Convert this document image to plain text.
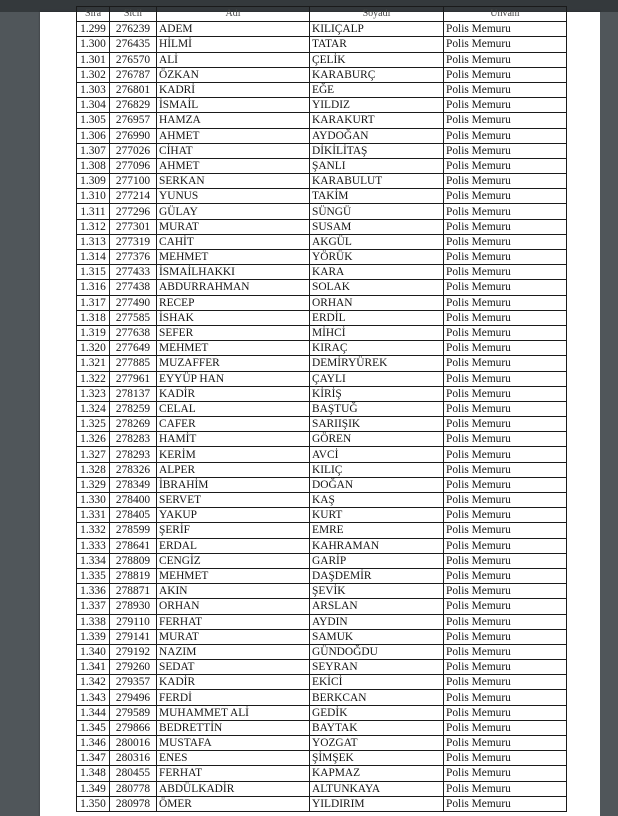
Sıra	Sicil	Adı	Soyadı	Unvanı
1.299	276239	ADEM	KILIÇALP	Polis Memuru
1.300	276435	HİLMİ	TATAR	Polis Memuru
1.301	276570	ALİ	ÇELİK	Polis Memuru
1.302	276787	ÖZKAN	KARABURÇ	Polis Memuru
1.303	276801	KADRİ	EĞE	Polis Memuru
1.304	276829	İSMAİL	YILDIZ	Polis Memuru
1.305	276957	HAMZA	KARAKURT	Polis Memuru
1.306	276990	AHMET	AYDOĞAN	Polis Memuru
1.307	277026	CİHAT	DİKİLİTAŞ	Polis Memuru
1.308	277096	AHMET	ŞANLI	Polis Memuru
1.309	277100	SERKAN	KARABULUT	Polis Memuru
1.310	277214	YUNUS	TAKİM	Polis Memuru
1.311	277296	GÜLAY	SÜNGÜ	Polis Memuru
1.312	277301	MURAT	SUSAM	Polis Memuru
1.313	277319	CAHİT	AKGÜL	Polis Memuru
1.314	277376	MEHMET	YÖRÜK	Polis Memuru
1.315	277433	İSMAİLHAKKI	KARA	Polis Memuru
1.316	277438	ABDURRAHMAN	SOLAK	Polis Memuru
1.317	277490	RECEP	ORHAN	Polis Memuru
1.318	277585	İSHAK	ERDİL	Polis Memuru
1.319	277638	SEFER	MİHCİ	Polis Memuru
1.320	277649	MEHMET	KIRAÇ	Polis Memuru
1.321	277885	MUZAFFER	DEMİRYÜREK	Polis Memuru
1.322	277961	EYYÜP HAN	ÇAYLI	Polis Memuru
1.323	278137	KADİR	KİRİŞ	Polis Memuru
1.324	278259	CELAL	BAŞTUĞ	Polis Memuru
1.325	278269	CAFER	SARIIŞIK	Polis Memuru
1.326	278283	HAMİT	GÖREN	Polis Memuru
1.327	278293	KERİM	AVCİ	Polis Memuru
1.328	278326	ALPER	KILIÇ	Polis Memuru
1.329	278349	İBRAHİM	DOĞAN	Polis Memuru
1.330	278400	SERVET	KAŞ	Polis Memuru
1.331	278405	YAKUP	KURT	Polis Memuru
1.332	278599	ŞERİF	EMRE	Polis Memuru
1.333	278641	ERDAL	KAHRAMAN	Polis Memuru
1.334	278809	CENGİZ	GARİP	Polis Memuru
1.335	278819	MEHMET	DAŞDEMİR	Polis Memuru
1.336	278871	AKIN	ŞEVİK	Polis Memuru
1.337	278930	ORHAN	ARSLAN	Polis Memuru
1.338	279110	FERHAT	AYDIN	Polis Memuru
1.339	279141	MURAT	SAMUK	Polis Memuru
1.340	279192	NAZIM	GÜNDOĞDU	Polis Memuru
1.341	279260	SEDAT	SEYRAN	Polis Memuru
1.342	279357	KADİR	EKİCİ	Polis Memuru
1.343	279496	FERDİ	BERKCAN	Polis Memuru
1.344	279589	MUHAMMET ALİ	GEDİK	Polis Memuru
1.345	279866	BEDRETTİN	BAYTAK	Polis Memuru
1.346	280016	MUSTAFA	YOZGAT	Polis Memuru
1.347	280316	ENES	ŞİMŞEK	Polis Memuru
1.348	280455	FERHAT	KAPMAZ	Polis Memuru
1.349	280778	ABDÜLKADİR	ALTUNKAYA	Polis Memuru
1.350	280978	ÖMER	YILDIRIM	Polis Memuru
